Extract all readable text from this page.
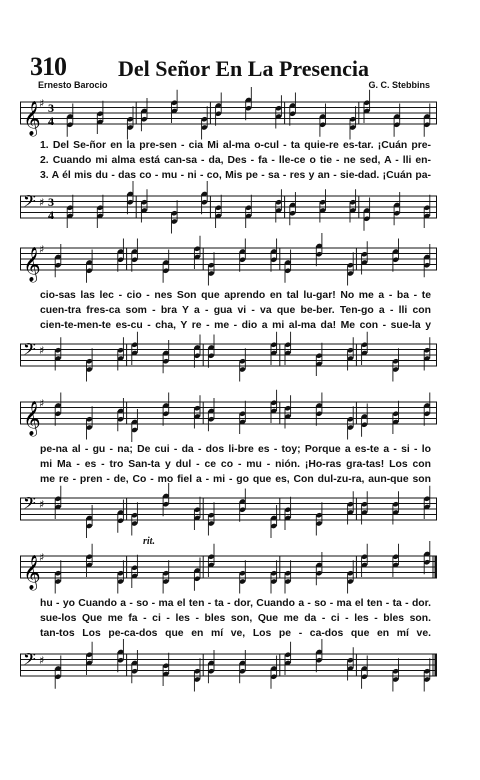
310 Del Señor En La Presencia
Ernesto Barocio	G. C. Stebbins
𝄞
♯ 3
4
1. Del Se-ñor en la pre-sen - cia Mi al-ma o-cul - ta quie-re es-tar. ¡Cuán pre-
2. Cuando mi alma está can-sa - da, Des - fa - lle-ce o tie - ne sed, A - lli en-
3. A él mis du - das co - mu - ni - co, Mis pe - sa - res y an - sie-dad. ¡Cuán pa-
𝄢 ♯ 3
4
𝄞
♯
cio-sas las lec - cio - nes Son que aprendo en tal lu-gar! No me a - ba - te
cuen-tra fres-ca som - bra Y a - gua vi - va que be-ber. Ten-go a - lli con
cien-te-men-te es-cu - cha, Y re - me - dio a mi al-ma da! Me con - sue-la y
𝄢 ♯
𝄞
♯
pe-na al - gu - na; De cui - da - dos li-bre es - toy; Porque a es-te a - si - lo
mi Ma - es - tro San-ta y dul - ce co - mu - nión. ¡Ho-ras gra-tas! Los con
me re - pren - de, Co - mo fiel a - mi - go que es, Con dul-zu-ra, aun-que son
𝄢 ♯
rit.
𝄞
♯
hu - yo Cuando a - so - ma el ten - ta - dor, Cuando a - so - ma el ten - ta - dor.
sue-los Que me fa - ci - les - bles son, Que me da - ci - les - bles son.
tan-tos Los pe-ca-dos que en mí ve, Los pe - ca-dos que en mí ve.
𝄢 ♯
